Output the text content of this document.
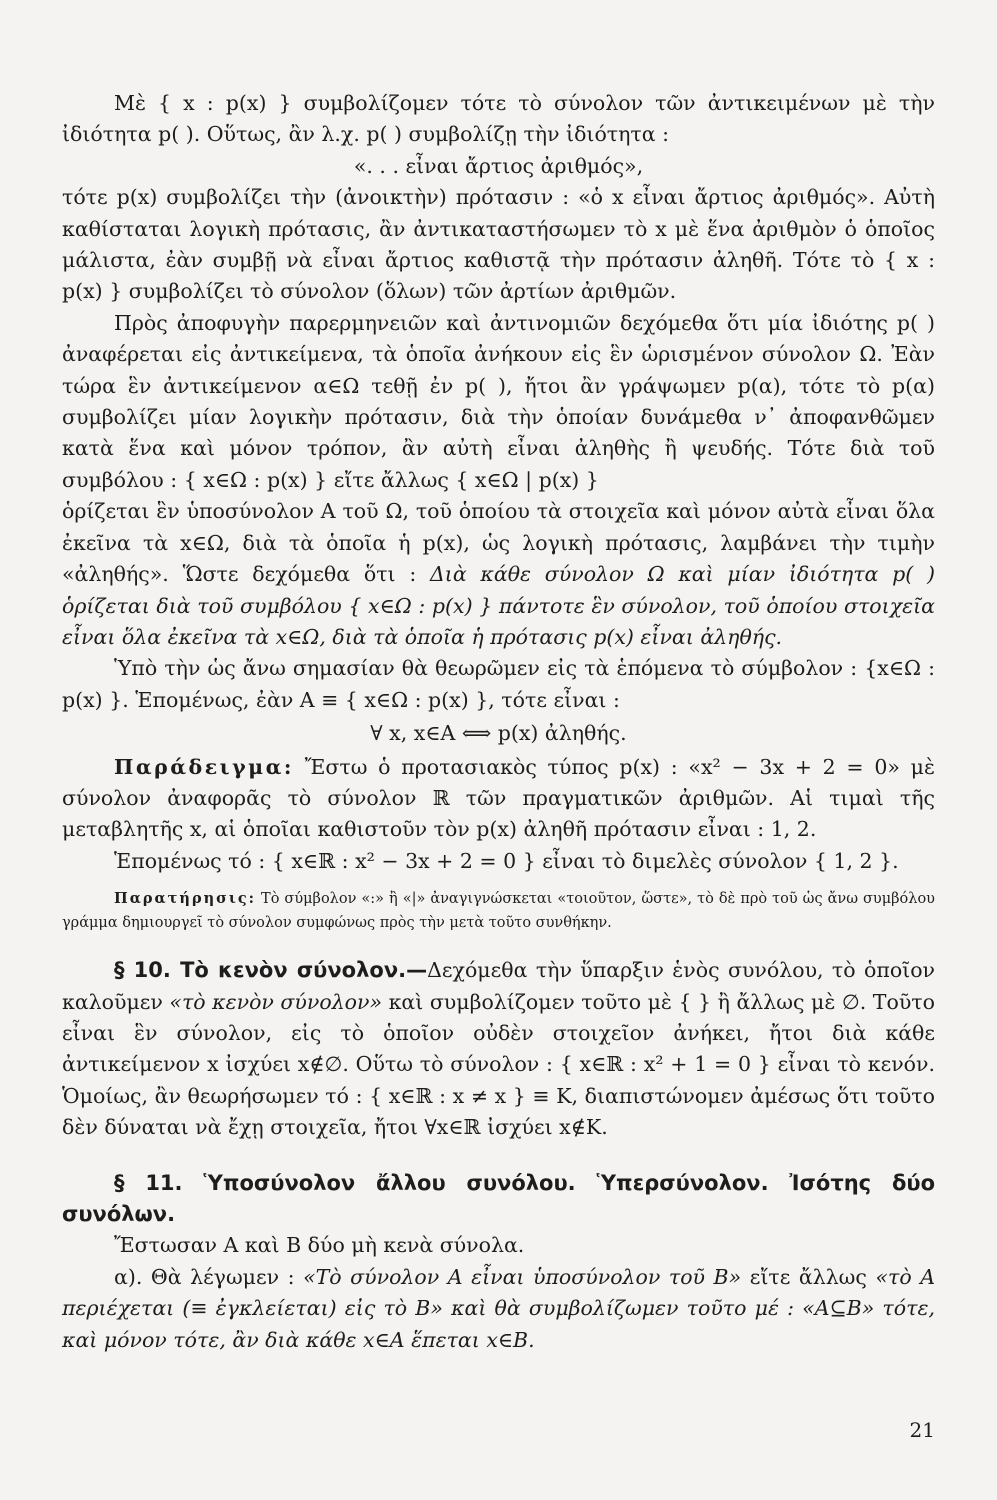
Μὲ { x : p(x) } συμβολίζομεν τότε τὸ σύνολον τῶν ἀντικειμένων μὲ τὴν ἰδιότητα p( ). Οὕτως, ἂν λ.χ. p( ) συμβολίζῃ τὴν ἰδιότητα :

«. . . εἶναι ἄρτιος ἀριθμός»,

τότε p(x) συμβολίζει τὴν (ἀνοικτὴν) πρότασιν : «ὁ x εἶναι ἄρτιος ἀριθμός». Αὐτὴ καθίσταται λογικὴ πρότασις, ἂν ἀντικαταστήσωμεν τὸ x μὲ ἕνα ἀριθμὸν ὁ ὁποῖος μάλιστα, ἐὰν συμβῇ νὰ εἶναι ἄρτιος καθιστᾷ τὴν πρότασιν ἀληθῆ. Τότε τὸ { x : p(x) } συμβολίζει τὸ σύνολον (ὅλων) τῶν ἀρτίων ἀριθμῶν.

Πρὸς ἀποφυγὴν παρερμηνειῶν καὶ ἀντινομιῶν δεχόμεθα ὅτι μία ἰδιότης p( ) ἀναφέρεται εἰς ἀντικείμενα, τὰ ὁποῖα ἀνήκουν εἰς ἓν ὡρισμένον σύνολον Ω. Ἐὰν τώρα ἓν ἀντικείμενον α∈Ω τεθῇ ἐν p( ), ἤτοι ἂν γράψωμεν p(α), τότε τὸ p(α) συμβολίζει μίαν λογικὴν πρότασιν, διὰ τὴν ὁποίαν δυνάμεθα ν᾽ ἀποφανθῶμεν κατὰ ἕνα καὶ μόνον τρόπον, ἂν αὐτὴ εἶναι ἀληθὴς ἢ ψευδής. Τότε διὰ τοῦ συμβόλου : { x∈Ω : p(x) } εἴτε ἄλλως { x∈Ω | p(x) }

ὁρίζεται ἓν ὑποσύνολον A τοῦ Ω, τοῦ ὁποίου τὰ στοιχεῖα καὶ μόνον αὐτὰ εἶναι ὅλα ἐκεῖνα τὰ x∈Ω, διὰ τὰ ὁποῖα ἡ p(x), ὡς λογικὴ πρότασις, λαμβάνει τὴν τιμὴν «ἀληθής». Ὥστε δεχόμεθα ὅτι : Διὰ κάθε σύνολον Ω καὶ μίαν ἰδιότητα p( ) ὁρίζεται διὰ τοῦ συμβόλου { x∈Ω : p(x) } πάντοτε ἓν σύνολον, τοῦ ὁποίου στοιχεῖα εἶναι ὅλα ἐκεῖνα τὰ x∈Ω, διὰ τὰ ὁποῖα ἡ πρότασις p(x) εἶναι ἀληθής.

Ὑπὸ τὴν ὡς ἄνω σημασίαν θὰ θεωρῶμεν εἰς τὰ ἑπόμενα τὸ σύμβολον : {x∈Ω : p(x) }. Ἑπομένως, ἐὰν A ≡ { x∈Ω : p(x) }, τότε εἶναι :

∀ x, x∈A ⟺ p(x) ἀληθής.

Παράδειγμα: Ἔστω ὁ προτασιακὸς τύπος p(x) : «x² − 3x + 2 = 0» μὲ σύνολον ἀναφορᾶς τὸ σύνολον ℝ τῶν πραγματικῶν ἀριθμῶν. Αἱ τιμαὶ τῆς μεταβλητῆς x, αἱ ὁποῖαι καθιστοῦν τὸν p(x) ἀληθῆ πρότασιν εἶναι : 1, 2.

Ἑπομένως τό : { x∈ℝ : x² − 3x + 2 = 0 } εἶναι τὸ διμελὲς σύνολον { 1, 2 }.

Παρατήρησις: Τὸ σύμβολον «:» ἢ «|» ἀναγιγνώσκεται «τοιοῦτον, ὥστε», τὸ δὲ πρὸ τοῦ ὡς ἄνω συμβόλου γράμμα δημιουργεῖ τὸ σύνολον συμφώνως πρὸς τὴν μετὰ τοῦτο συνθήκην.

§ 10. Τὸ κενὸν σύνολον.—Δεχόμεθα τὴν ὕπαρξιν ἑνὸς συνόλου, τὸ ὁποῖον καλοῦμεν «τὸ κενὸν σύνολον» καὶ συμβολίζομεν τοῦτο μὲ { } ἢ ἄλλως μὲ ∅. Τοῦτο εἶναι ἓν σύνολον, εἰς τὸ ὁποῖον οὐδὲν στοιχεῖον ἀνήκει, ἤτοι διὰ κάθε ἀντικείμενον x ἰσχύει x∉∅. Οὕτω τὸ σύνολον : { x∈ℝ : x² + 1 = 0 } εἶναι τὸ κενόν. Ὁμοίως, ἂν θεωρήσωμεν τό : { x∈ℝ : x ≠ x } ≡ K, διαπιστώνομεν ἀμέσως ὅτι τοῦτο δὲν δύναται νὰ ἔχῃ στοιχεῖα, ἤτοι ∀x∈ℝ ἰσχύει x∉K.
§ 11. Ὑποσύνολον ἄλλου συνόλου. Ὑπερσύνολον. Ἰσότης δύο συνόλων.

Ἔστωσαν A καὶ B δύο μὴ κενὰ σύνολα.

α). Θὰ λέγωμεν : «Τὸ σύνολον A εἶναι ὑποσύνολον τοῦ B» εἴτε ἄλλως «τὸ A περιέχεται (≡ ἐγκλείεται) εἰς τὸ B» καὶ θὰ συμβολίζωμεν τοῦτο μέ : «A⊆B» τότε, καὶ μόνον τότε, ἂν διὰ κάθε x∈A ἕπεται x∈B.

21
